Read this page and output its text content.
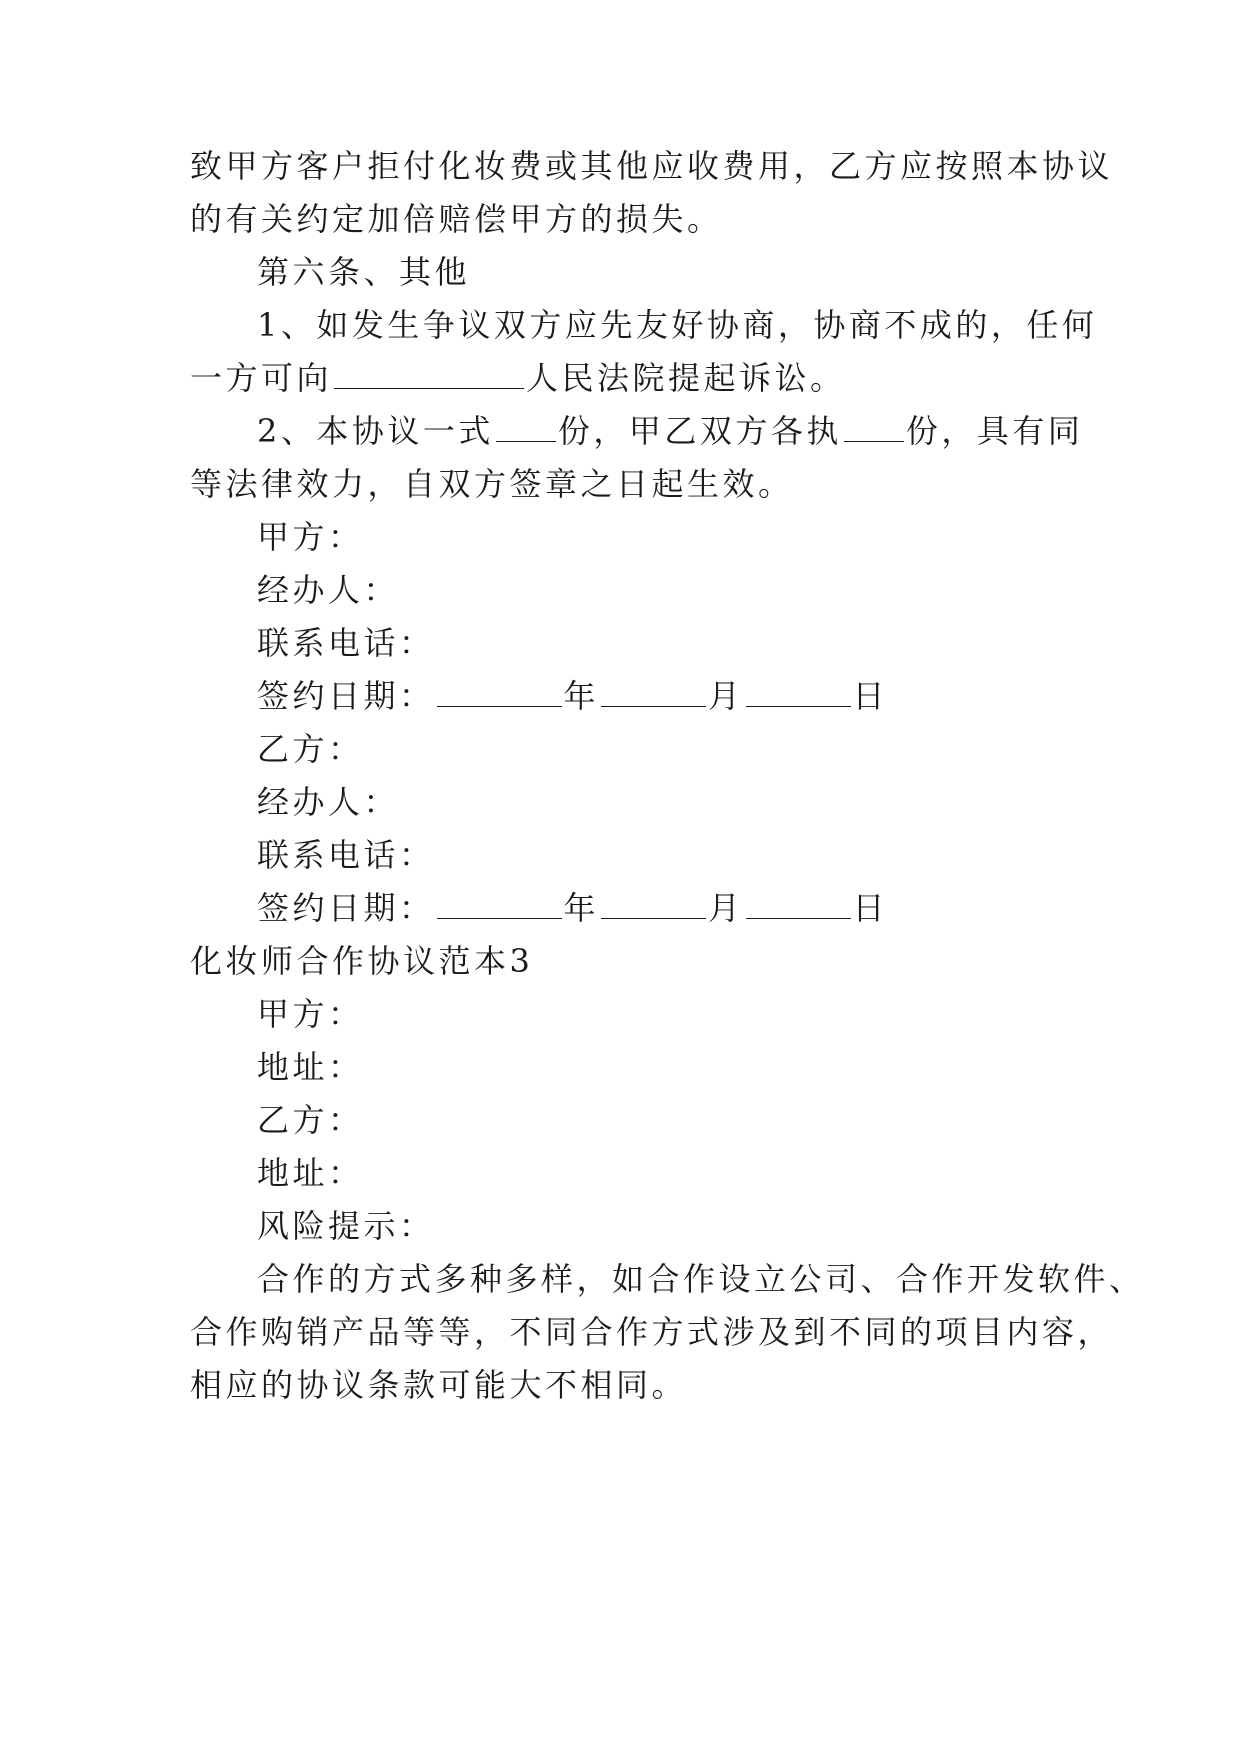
致甲方客户拒付化妆费或其他应收费用，乙方应按照本协议
的有关约定加倍赔偿甲方的损失。
第六条、其他
1、如发生争议双方应先友好协商，协商不成的，任何
一方可向	人民法院提起诉讼。
2、本协议一式 份，甲乙双方各执 份，具有同
等法律效力，自双方签章之日起生效。
甲方：
经办人：
联系电话：
签约日期：	年	月	日
乙方：
经办人：
联系电话：
签约日期：	年	月	日
化妆师合作协议范本3
甲方：
地址：
乙方：
地址：
风险提示：
合作的方式多种多样，如合作设立公司、合作开发软件、
合作购销产品等等，不同合作方式涉及到不同的项目内容，
相应的协议条款可能大不相同。
